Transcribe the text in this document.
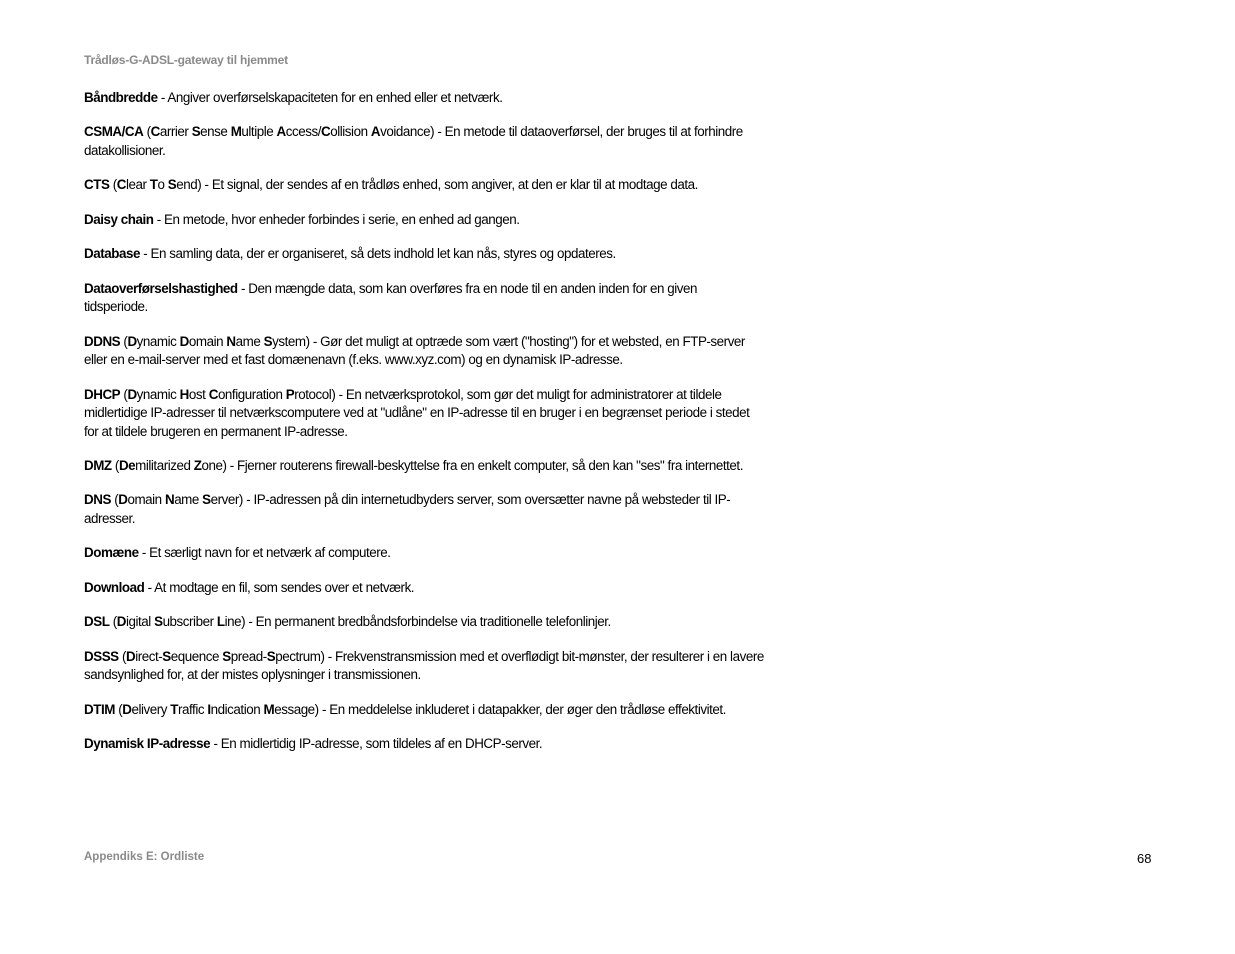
Trådløs-G-ADSL-gateway til hjemmet
Båndbredde - Angiver overførselskapaciteten for en enhed eller et netværk.
CSMA/CA (Carrier Sense Multiple Access/Collision Avoidance) - En metode til dataoverførsel, der bruges til at forhindre datakollisioner.
CTS (Clear To Send) - Et signal, der sendes af en trådløs enhed, som angiver, at den er klar til at modtage data.
Daisy chain - En metode, hvor enheder forbindes i serie, en enhed ad gangen.
Database - En samling data, der er organiseret, så dets indhold let kan nås, styres og opdateres.
Dataoverførselshastighed - Den mængde data, som kan overføres fra en node til en anden inden for en given tidsperiode.
DDNS (Dynamic Domain Name System) - Gør det muligt at optræde som vært ("hosting") for et websted, en FTP-server eller en e-mail-server med et fast domænenavn (f.eks. www.xyz.com) og en dynamisk IP-adresse.
DHCP (Dynamic Host Configuration Protocol) - En netværksprotokol, som gør det muligt for administratorer at tildele midlertidige IP-adresser til netværkscomputere ved at "udlåne" en IP-adresse til en bruger i en begrænset periode i stedet for at tildele brugeren en permanent IP-adresse.
DMZ (Demilitarized Zone) - Fjerner routerens firewall-beskyttelse fra en enkelt computer, så den kan "ses" fra internettet.
DNS (Domain Name Server) - IP-adressen på din internetudbyders server, som oversætter navne på websteder til IP-adresser.
Domæne - Et særligt navn for et netværk af computere.
Download - At modtage en fil, som sendes over et netværk.
DSL (Digital Subscriber Line) - En permanent bredbåndsforbindelse via traditionelle telefonlinjer.
DSSS (Direct-Sequence Spread-Spectrum) - Frekvenstransmission med et overflødigt bit-mønster, der resulterer i en lavere sandsynlighed for, at der mistes oplysninger i transmissionen.
DTIM (Delivery Traffic Indication Message) - En meddelelse inkluderet i datapakker, der øger den trådløse effektivitet.
Dynamisk IP-adresse - En midlertidig IP-adresse, som tildeles af en DHCP-server.
Appendiks E: Ordliste	68
